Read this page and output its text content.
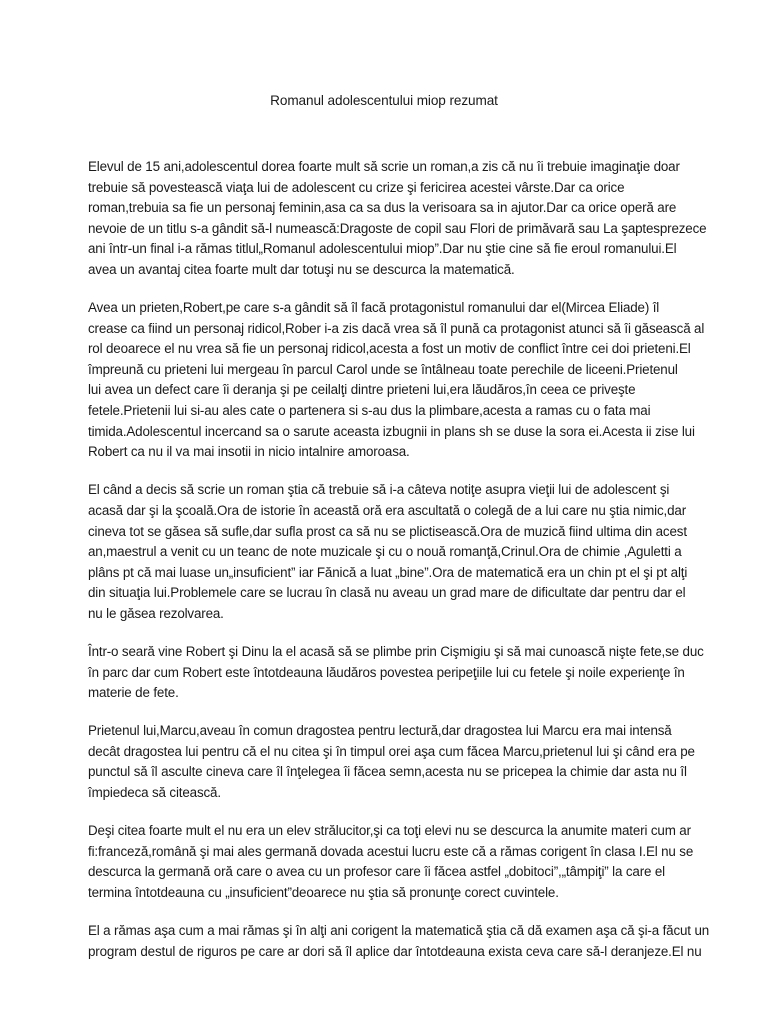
Romanul adolescentului miop rezumat

Elevul de 15 ani,adolescentul dorea foarte mult să scrie un roman,a zis că nu îi trebuie imaginaţie doar
trebuie să povestească viaţa lui de adolescent cu crize şi fericirea acestei vârste.Dar ca orice
roman,trebuia sa fie un personaj feminin,asa ca sa dus la verisoara sa in ajutor.Dar ca orice operă are
nevoie de un titlu s-a gândit să-l numească:Dragoste de copil sau Flori de primăvară sau La şaptesprezece
ani într-un final i-a rămas titlul„Romanul adolescentului miop”.Dar nu ştie cine să fie eroul romanului.El
avea un avantaj citea foarte mult dar totuşi nu se descurca la matematică.

Avea un prieten,Robert,pe care s-a gândit să îl facă protagonistul romanului dar el(Mircea Eliade) îl
crease ca fiind un personaj ridicol,Rober i-a zis dacă vrea să îl pună ca protagonist atunci să îi găsească al
rol deoarece el nu vrea să fie un personaj ridicol,acesta a fost un motiv de conflict între cei doi prieteni.El
împreună cu prieteni lui mergeau în parcul Carol unde se întâlneau toate perechile de liceeni.Prietenul
lui avea un defect care îi deranja şi pe ceilalţi dintre prieteni lui,era lăudăros,în ceea ce priveşte
fetele.Prietenii lui si-au ales cate o partenera si s-au dus la plimbare,acesta a ramas cu o fata mai
timida.Adolescentul incercand sa o sarute aceasta izbugnii in plans sh se duse la sora ei.Acesta ii zise lui
Robert ca nu il va mai insotii in nicio intalnire amoroasa.

El când a decis să scrie un roman ştia că trebuie să i-a câteva notiţe asupra vieţii lui de adolescent şi
acasă dar şi la şcoală.Ora de istorie în această oră era ascultată o colegă de a lui care nu ştia nimic,dar
cineva tot se găsea să sufle,dar sufla prost ca să nu se plictisească.Ora de muzică fiind ultima din acest
an,maestrul a venit cu un teanc de note muzicale şi cu o nouă romanţă,Crinul.Ora de chimie ,Aguletti a
plâns pt că mai luase un„insuficient” iar Fănică a luat „bine”.Ora de matematică era un chin pt el şi pt alţi
din situaţia lui.Problemele care se lucrau în clasă nu aveau un grad mare de dificultate dar pentru dar el
nu le găsea rezolvarea.

Într-o seară vine Robert şi Dinu la el acasă să se plimbe prin Cişmigiu şi să mai cunoască nişte fete,se duc
în parc dar cum Robert este întotdeauna lăudăros povestea peripeţiile lui cu fetele şi noile experienţe în
materie de fete.

Prietenul lui,Marcu,aveau în comun dragostea pentru lectură,dar dragostea lui Marcu era mai intensă
decât dragostea lui pentru că el nu citea şi în timpul orei aşa cum făcea Marcu,prietenul lui şi când era pe
punctul să îl asculte cineva care îl înţelegea îi făcea semn,acesta nu se pricepea la chimie dar asta nu îl
împiedeca să citească.

Deşi citea foarte mult el nu era un elev strălucitor,şi ca toţi elevi nu se descurca la anumite materi cum ar
fi:franceză,română şi mai ales germană dovada acestui lucru este că a rămas corigent în clasa I.El nu se
descurca la germană oră care o avea cu un profesor care îi făcea astfel „dobitoci”,„tâmpiţi” la care el
termina întotdeauna cu „insuficient”deoarece nu ştia să pronunţe corect cuvintele.

El a rămas aşa cum a mai rămas şi în alţi ani corigent la matematică ştia că dă examen aşa că şi-a făcut un
program destul de riguros pe care ar dori să îl aplice dar întotdeauna exista ceva care să-l deranjeze.El nu
